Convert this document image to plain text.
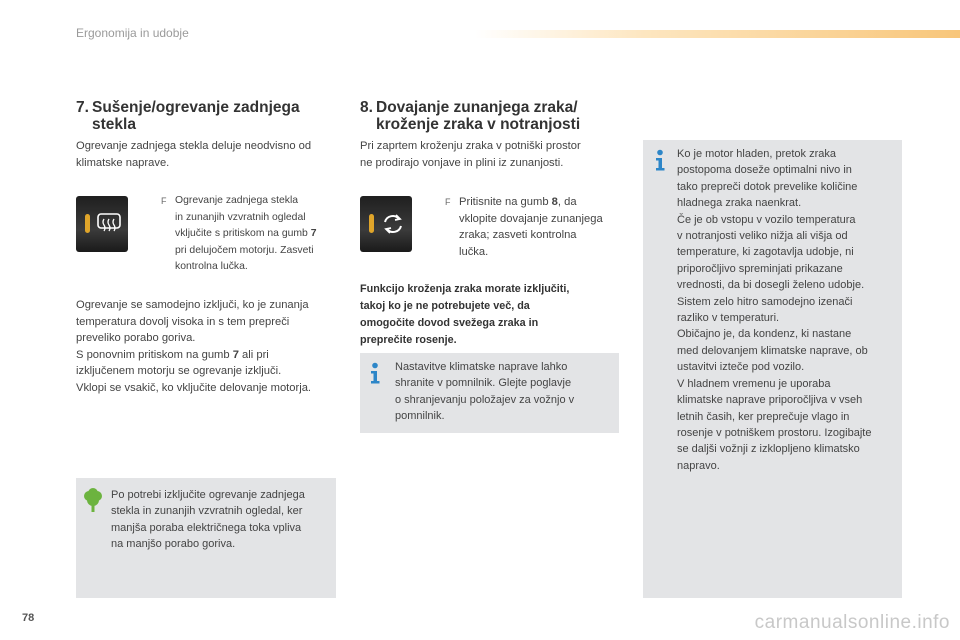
Ergonomija in udobje
7. Sušenje/ogrevanje zadnjega
stekla

Ogrevanje zadnjega stekla deluje neodvisno od

klimatske naprave.

F Ogrevanje zadnjega stekla
in zunanjih vzvratnih ogledal
vključite s pritiskom na gumb 7
pri delujočem motorju. Zasveti
kontrolna lučka.

Ogrevanje se samodejno izključi, ko je zunanja

temperatura dovolj visoka in s tem prepreči

preveliko porabo goriva.

S ponovnim pritiskom na gumb 7 ali pri

izključenem motorju se ogrevanje izključi.

Vklopi se vsakič, ko vključite delovanje motorja.

Po potrebi izključite ogrevanje zadnjega

stekla in zunanjih vzvratnih ogledal, ker

manjša poraba električnega toka vpliva

na manjšo porabo goriva.

8. Dovajanje zunanjega zraka/
kroženje zraka v notranjosti

Pri zaprtem kroženju zraka v potniški prostor

ne prodirajo vonjave in plini iz zunanjosti.

F Pritisnite na gumb 8, da
vklopite dovajanje zunanjega
zraka; zasveti kontrolna
lučka.
Funkcijo kroženja zraka morate izključiti,
takoj ko je ne potrebujete več, da
omogočite dovod svežega zraka in
preprečite rosenje.

Nastavitve klimatske naprave lahko

shranite v pomnilnik. Glejte poglavje

o shranjevanju položajev za vožnjo v

pomnilnik.

Ko je motor hladen, pretok zraka

postopoma doseže optimalni nivo in

tako prepreči dotok prevelike količine

hladnega zraka naenkrat.

Če je ob vstopu v vozilo temperatura

v notranjosti veliko nižja ali višja od

temperature, ki zagotavlja udobje, ni

priporočljivo spreminjati prikazane

vrednosti, da bi dosegli želeno udobje.

Sistem zelo hitro samodejno izenači

razliko v temperaturi.

Običajno je, da kondenz, ki nastane

med delovanjem klimatske naprave, ob

ustavitvi izteče pod vozilo.

V hladnem vremenu je uporaba

klimatske naprave priporočljiva v vseh

letnih časih, ker preprečuje vlago in

rosenje v potniškem prostoru. Izogibajte

se daljši vožnji z izklopljeno klimatsko

napravo.

78	carmanualsonline.info
